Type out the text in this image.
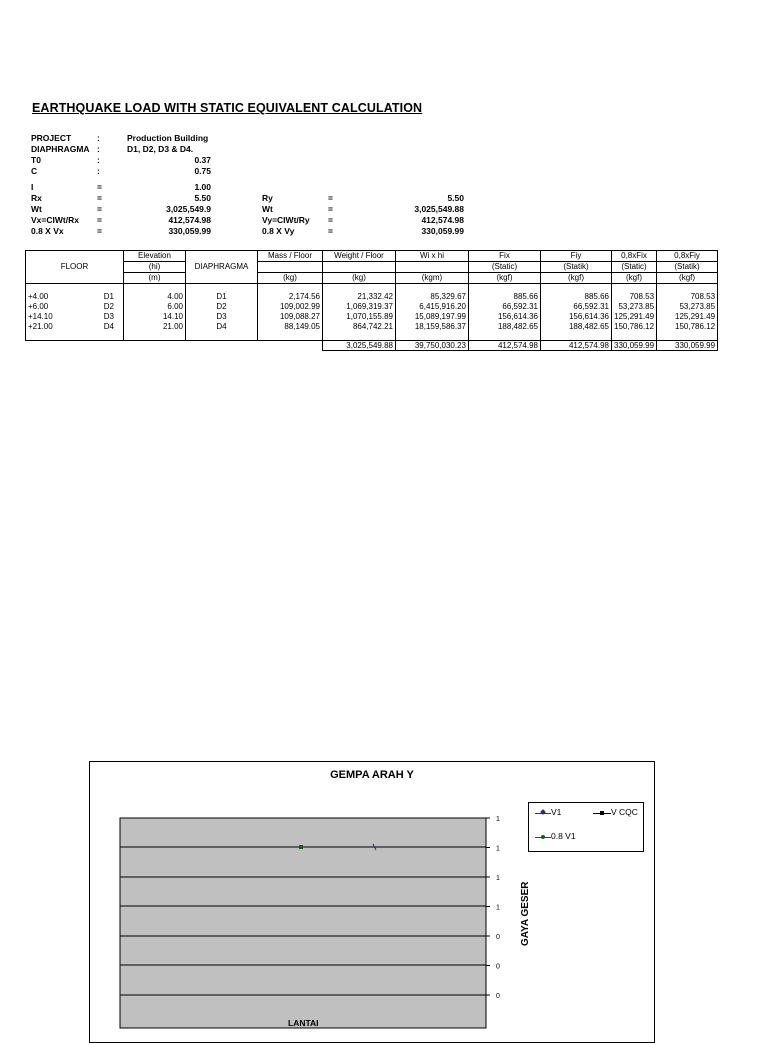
EARTHQUAKE LOAD WITH STATIC EQUIVALENT CALCULATION
PROJECT	:	Production Building
DIAPHRAGMA :	D1, D2, D3 & D4.
T0	:	0.37
C	:	0.75
I	=	1.00
Rx	=	5.50
Wt	=	3,025,549.9
Vx=CIWt/Rx =	412,574.98
0.8 X Vx	=	330,059.99
Ry	=	5.50
Wt	=	3,025,549.88
Vy=CIWt/Ry =	412,574.98
0.8 X Vy	=	330,059.99
FLOOR	Elevation	DIAPHRAGMA	Mass / Floor	Weight / Floor	Wi x hi	Fix	Fiy	0,8xFix	0,8xFiy
	(hi)					(Static)	(Statik)	(Static)	(Statik)
	(m)		(kg)	(kg)	(kgm)	(kgf)	(kgf)	(kgf)	(kgf)

+4.00 D1	4.00	D1	2,174.56	21,332.42	85,329.67	885.66	885.66	708.53	708.53

+6.00 D2	6.00	D2	109,002.99	1,069,319.37	6,415,916.20	66,592.31	66,592.31	53,273.85	53,273.85

+14.10 D3	14.10	D3	109,088.27	1,070,155.89	15,089,197.99	156,614.36	156,614.36	125,291.49	125,291.49

+21.00 D4	21.00	D4	88,149.05	864,742.21	18,159,586.37	188,482.65	188,482.65	150,786.12	150,786.12

				3,025,549.88	39,750,030.23	412,574.98	412,574.98	330,059.99	330,059.99
GEMPA ARAH Y
1
1
1
1
0
0
0
V1	V CQC
0.8 V1
GAYA GESER
LANTAI
